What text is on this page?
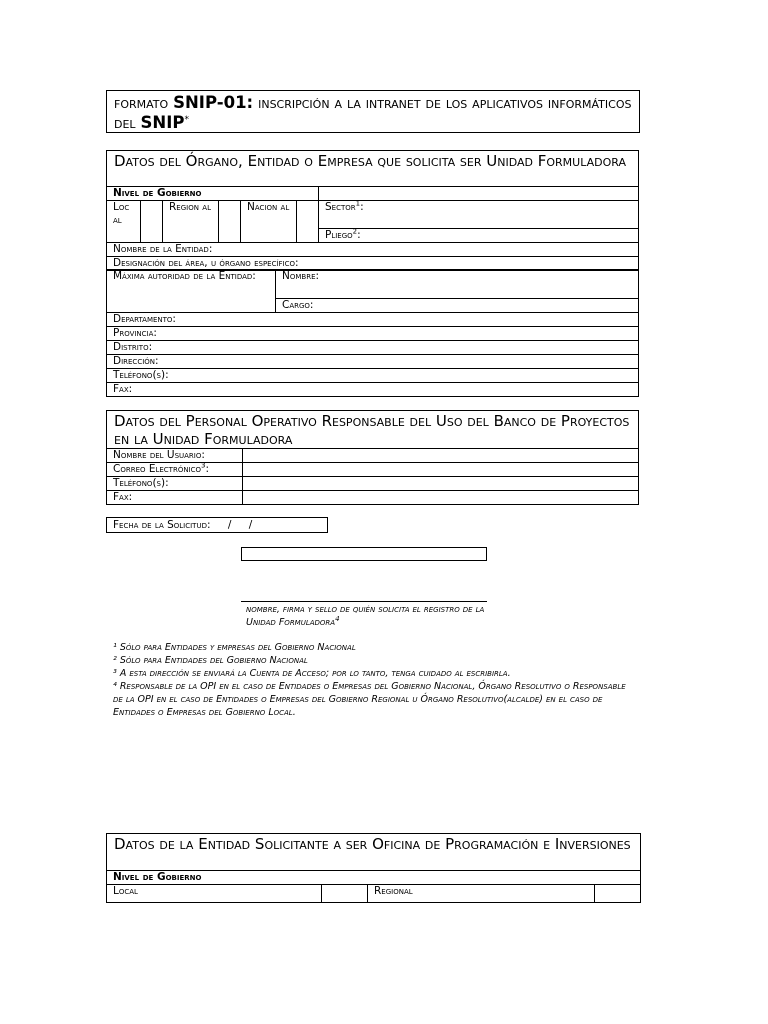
formato SNIP-01: inscripción a la intranet de los aplicativos informáticos del SNIP*
Datos del Órgano, Entidad o Empresa que solicita ser Unidad Formuladora						
Nivel de Gobierno						
Loc al		Region al		Nacion al		Sector$^1$:
						Pliego$^2$:
Nombre de la Entidad:						
Designación del área, u órgano específico:						
Máxima autoridad de la Entidad:	Nombre:
Cargo:
Departamento:
Provincia:
Distrito:
Dirección:
Teléfono(s):
Fax:
Datos del Personal Operativo Responsable del Uso del Banco de Proyectos en la Unidad Formuladora	
Nombre del Usuario:	
Correo Electrónico$^3$:	
Teléfono(s):	
Fax:	
Fecha de la Solicitud: / /
nombre, firma y sello de quién solicita el registro de la Unidad Formuladora$^4$

¹ Sólo para Entidades y empresas del Gobierno Nacional

² Sólo para Entidades del Gobierno Nacional

³ A esta dirección se enviará la Cuenta de Acceso; por lo tanto, tenga cuidado al escribirla.

⁴ Responsable de la OPI en el caso de Entidades o Empresas del Gobierno Nacional, Órgano Resolutivo o Responsable de la OPI en el caso de Entidades o Empresas del Gobierno Regional u Órgano Resolutivo(alcalde) en el caso de Entidades o Empresas del Gobierno Local.

Datos de la Entidad Solicitante a ser Oficina de Programación e Inversiones
Nivel de Gobierno
Local		Regional	
